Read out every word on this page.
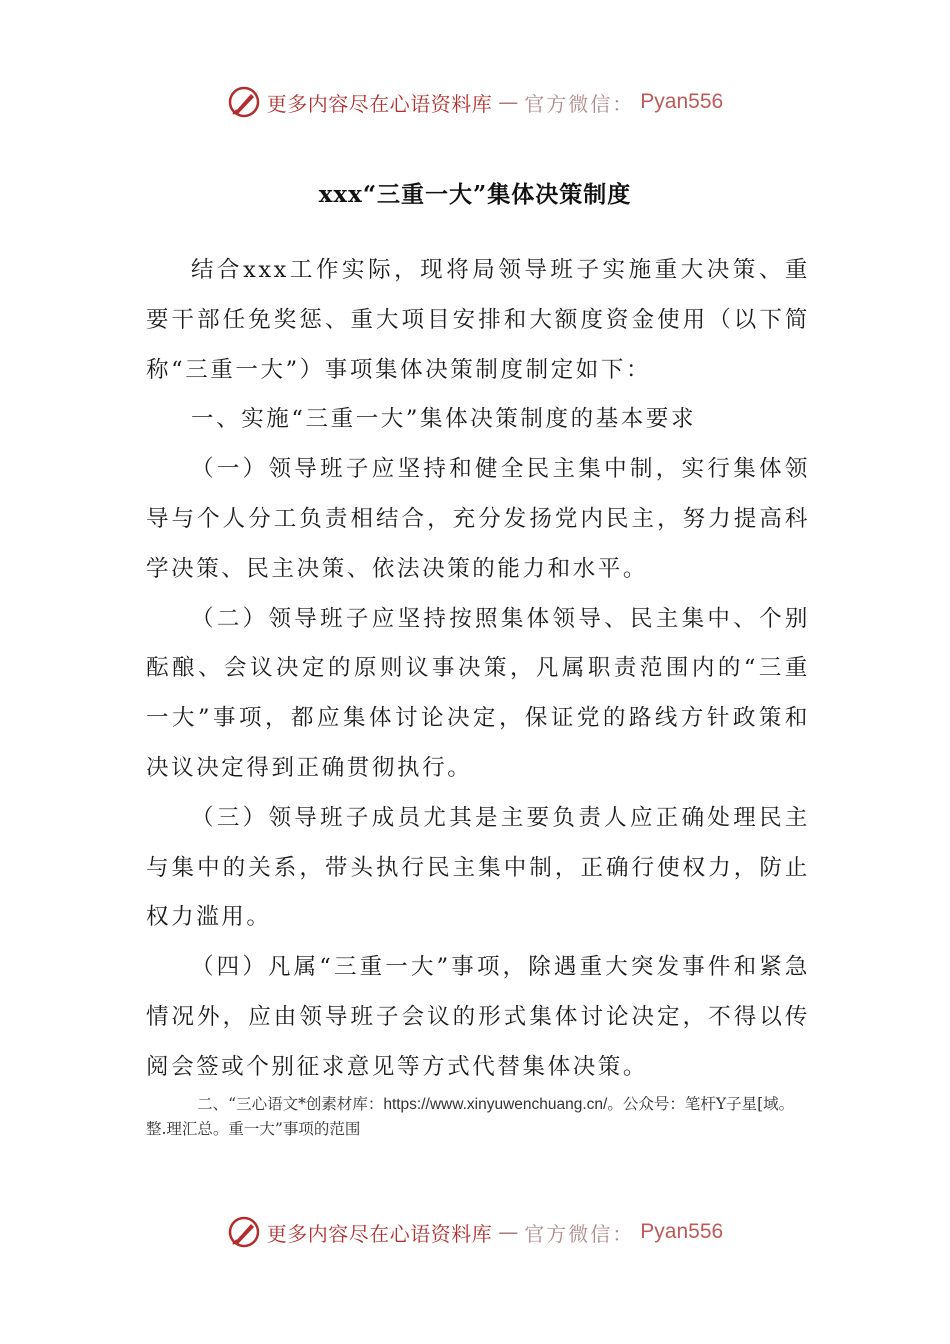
更多内容尽在心语资料库 — 官方微信： Pyan556
xxx“三重一大”集体决策制度

结合xxx工作实际，现将局领导班子实施重大决策、重要干部任免奖惩、重大项目安排和大额度资金使用（以下简称“三重一大”）事项集体决策制度制定如下：

一、实施“三重一大”集体决策制度的基本要求

（一）领导班子应坚持和健全民主集中制，实行集体领导与个人分工负责相结合，充分发扬党内民主，努力提高科学决策、民主决策、依法决策的能力和水平。

（二）领导班子应坚持按照集体领导、民主集中、个别酝酿、会议决定的原则议事决策，凡属职责范围内的“三重一大”事项，都应集体讨论决定，保证党的路线方针政策和决议决定得到正确贯彻执行。

（三）领导班子成员尤其是主要负责人应正确处理民主与集中的关系，带头执行民主集中制，正确行使权力，防止权力滥用。

（四）凡属“三重一大”事项，除遇重大突发事件和紧急情况外，应由领导班子会议的形式集体讨论决定，不得以传阅会签或个别征求意见等方式代替集体决策。

二、“三心语文*创素材库：https://www.xinyuwenchuang.cn/。公众号：笔杆Y子星[域。整.理汇总。重一大”事项的范围
更多内容尽在心语资料库 — 官方微信： Pyan556
